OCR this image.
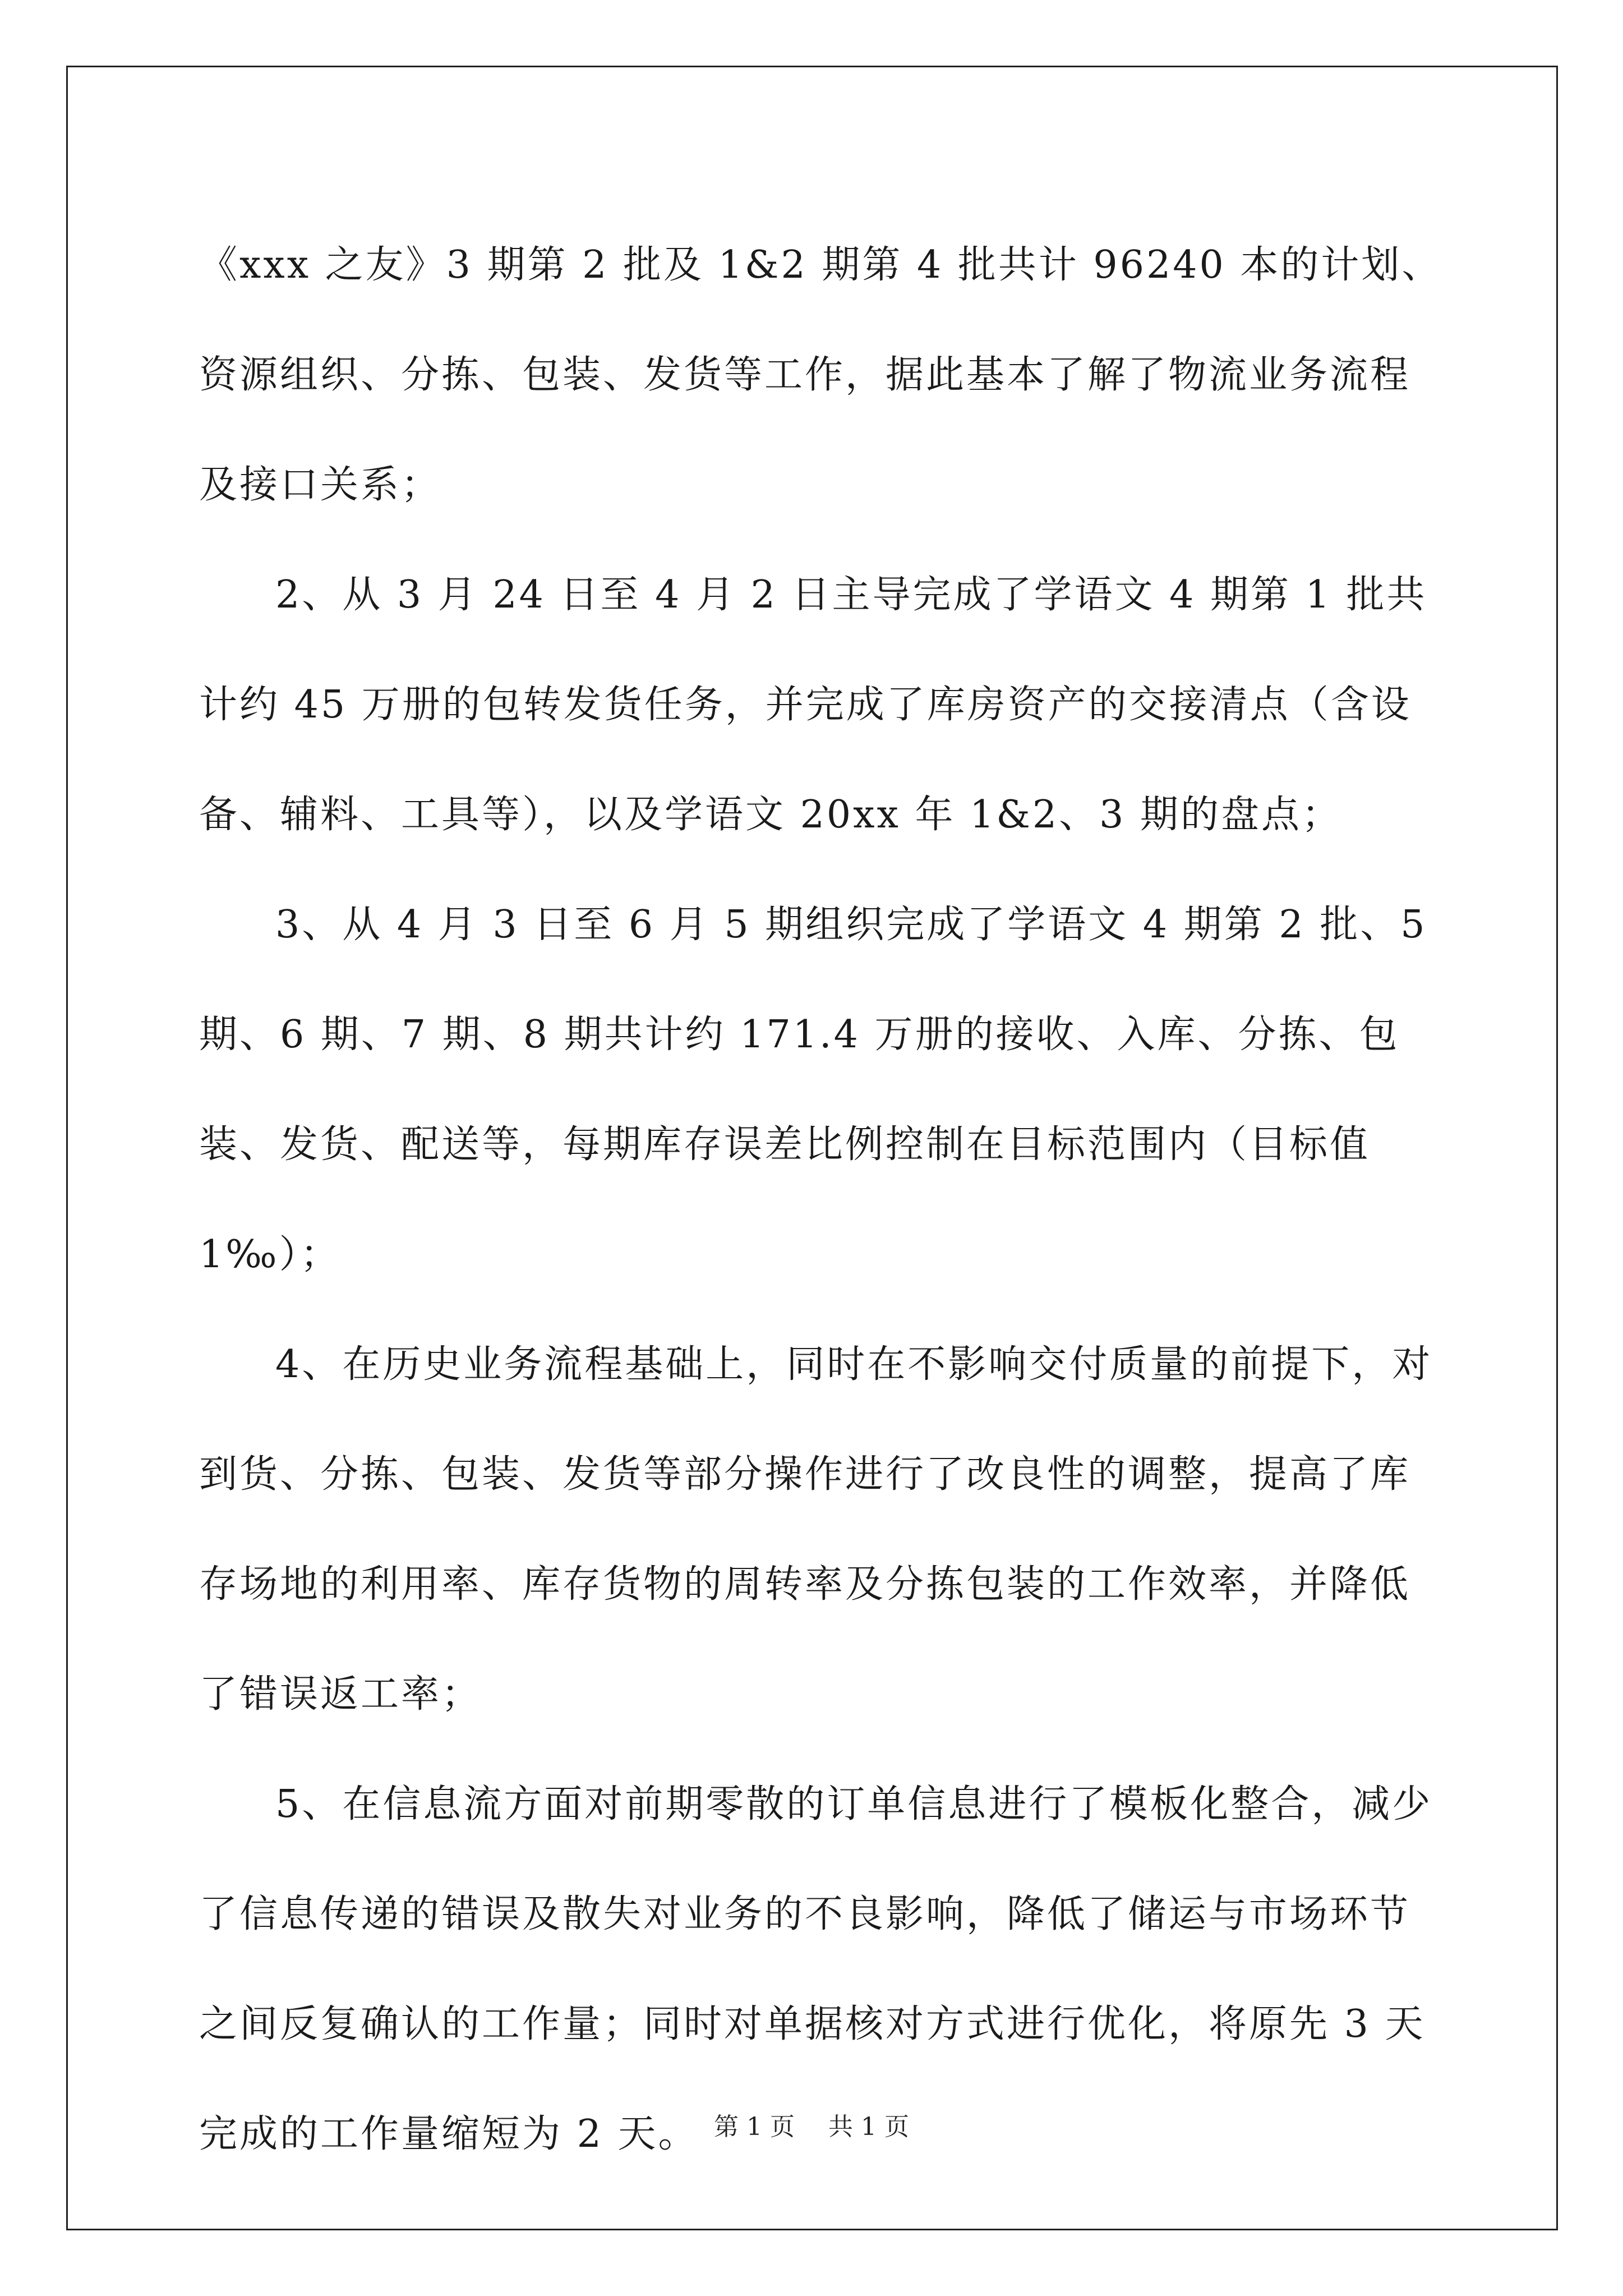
《xxx 之友》3 期第 2 批及 1&2 期第 4 批共计 96240 本的计划、资源组织、分拣、包装、发货等工作，据此基本了解了物流业务流程及接口关系；

2、从 3 月 24 日至 4 月 2 日主导完成了学语文 4 期第 1 批共计约 45 万册的包转发货任务，并完成了库房资产的交接清点（含设备、辅料、工具等），以及学语文 20xx 年 1&2、3 期的盘点；

3、从 4 月 3 日至 6 月 5 期组织完成了学语文 4 期第 2 批、5 期、6 期、7 期、8 期共计约 171.4 万册的接收、入库、分拣、包装、发货、配送等，每期库存误差比例控制在目标范围内（目标值 1‰）；

4、在历史业务流程基础上，同时在不影响交付质量的前提下，对到货、分拣、包装、发货等部分操作进行了改良性的调整，提高了库存场地的利用率、库存货物的周转率及分拣包装的工作效率，并降低了错误返工率；

5、在信息流方面对前期零散的订单信息进行了模板化整合，减少了信息传递的错误及散失对业务的不良影响，降低了储运与市场环节之间反复确认的工作量；同时对单据核对方式进行优化，将原先 3 天完成的工作量缩短为 2 天。 第 1 页 共 1 页
